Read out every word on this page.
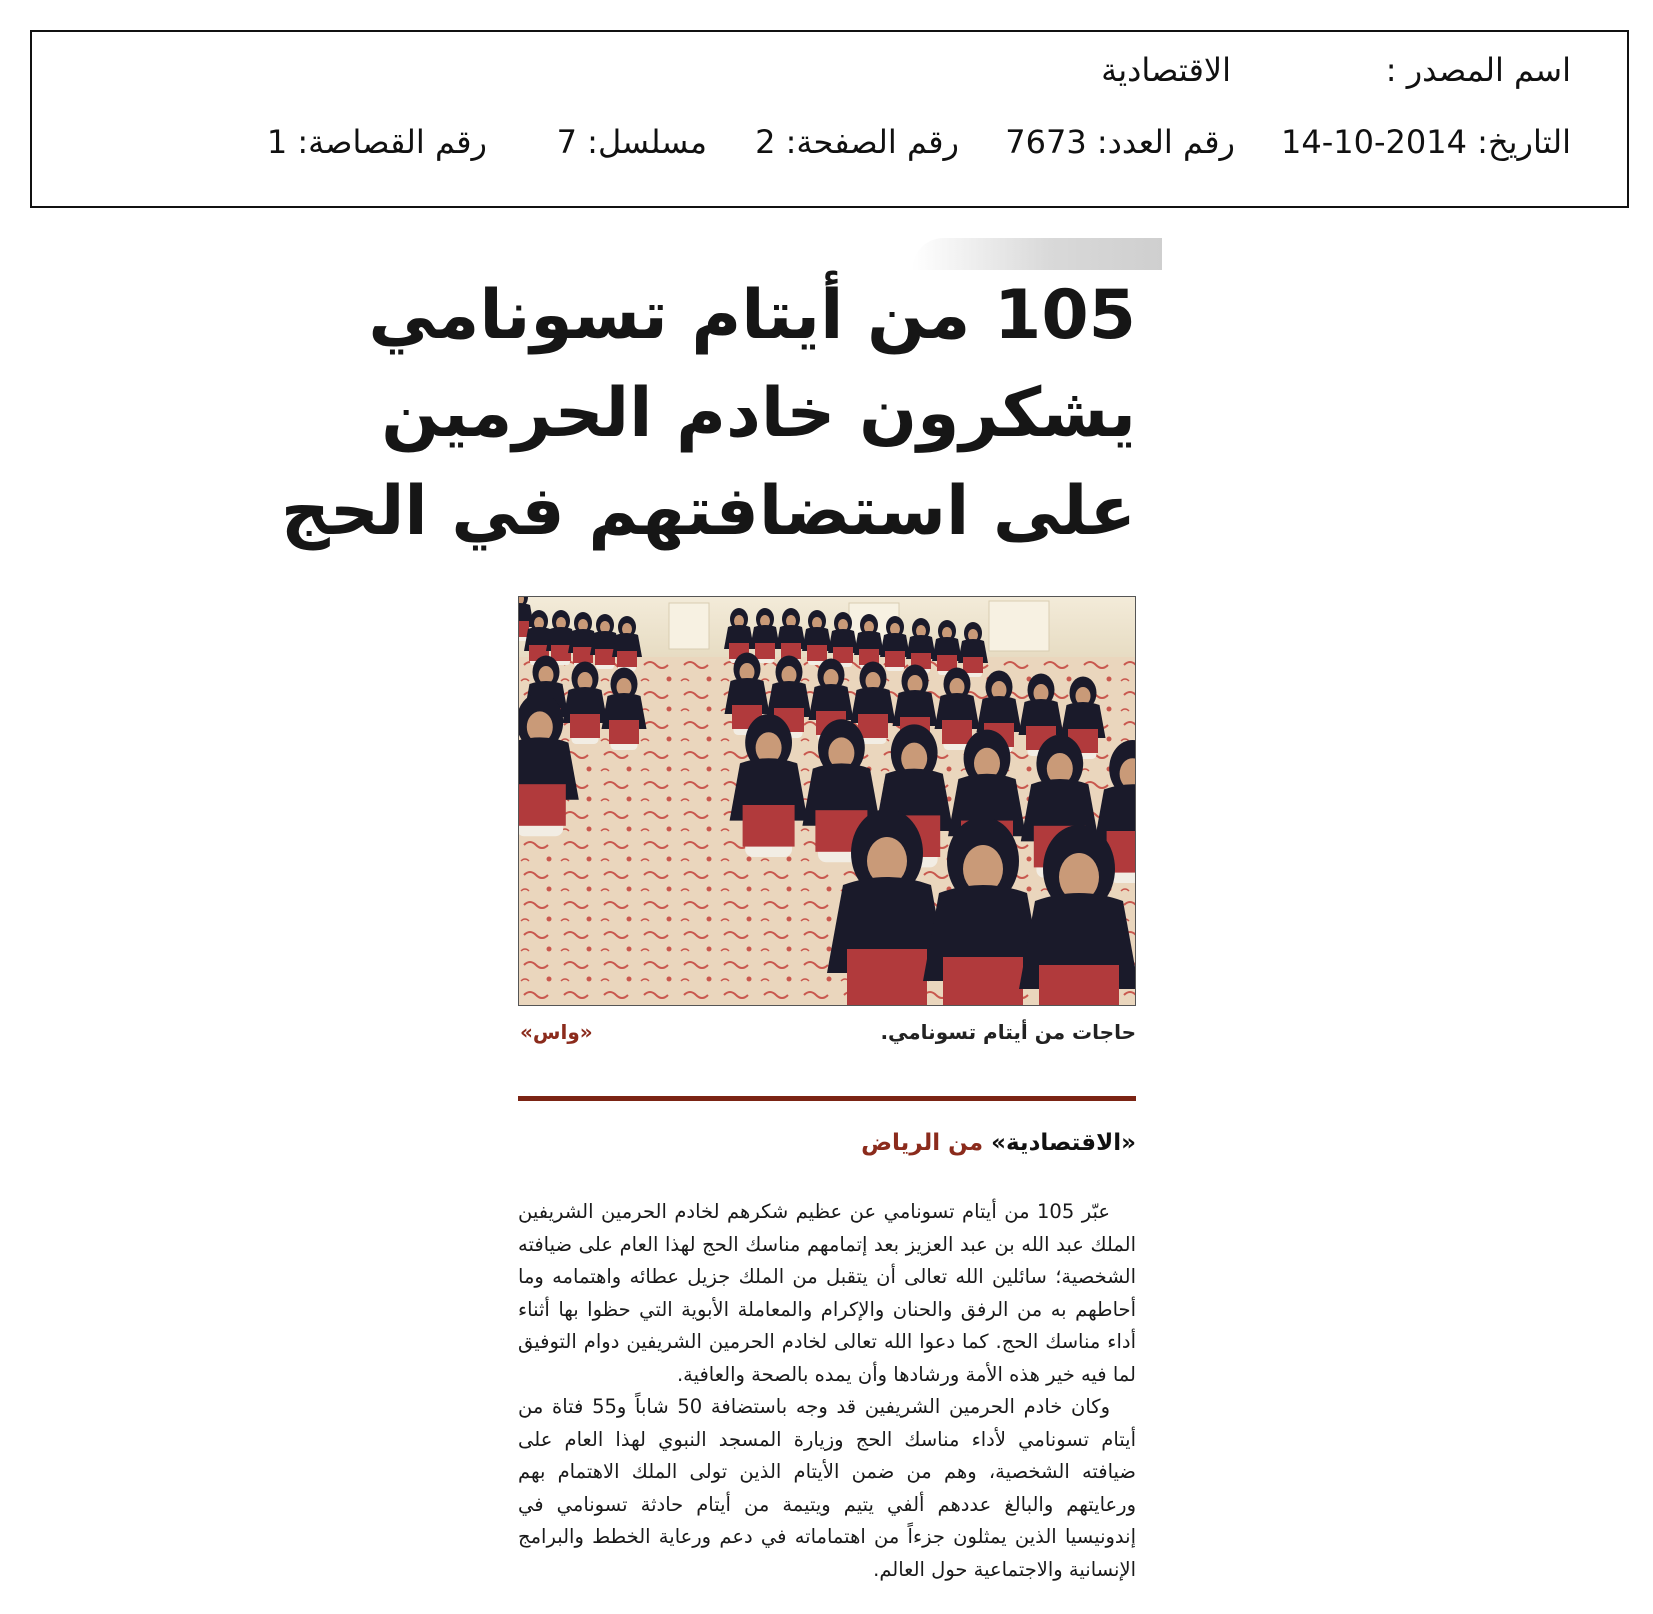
اسم المصدر :
الاقتصادية
التاريخ: 2014-10-14
رقم العدد: 7673
رقم الصفحة: 2
مسلسل: 7
رقم القصاصة: 1
105 من أيتام تسونامي
يشكرون خادم الحرمين
على استضافتهم في الحج
حاجات من أيتام تسونامي.
«واس»
«الاقتصادية» من الرياض

عبّر 105 من أيتام تسونامي عن عظيم شكرهم لخادم الحرمين الشريفين الملك عبد الله بن عبد العزيز بعد إتمامهم مناسك الحج لهذا العام على ضيافته الشخصية؛ سائلين الله تعالى أن يتقبل من الملك جزيل عطائه واهتمامه وما أحاطهم به من الرفق والحنان والإكرام والمعاملة الأبوية التي حظوا بها أثناء أداء مناسك الحج. كما دعوا الله تعالى لخادم الحرمين الشريفين دوام التوفيق لما فيه خير هذه الأمة ورشادها وأن يمده بالصحة والعافية.

وكان خادم الحرمين الشريفين قد وجه باستضافة 50 شاباً و55 فتاة من أيتام تسونامي لأداء مناسك الحج وزيارة المسجد النبوي لهذا العام على ضيافته الشخصية، وهم من ضمن الأيتام الذين تولى الملك الاهتمام بهم ورعايتهم والبالغ عددهم ألفي يتيم ويتيمة من أيتام حادثة تسونامي في إندونيسيا الذين يمثلون جزءاً من اهتماماته في دعم ورعاية الخطط والبرامج الإنسانية والاجتماعية حول العالم.
